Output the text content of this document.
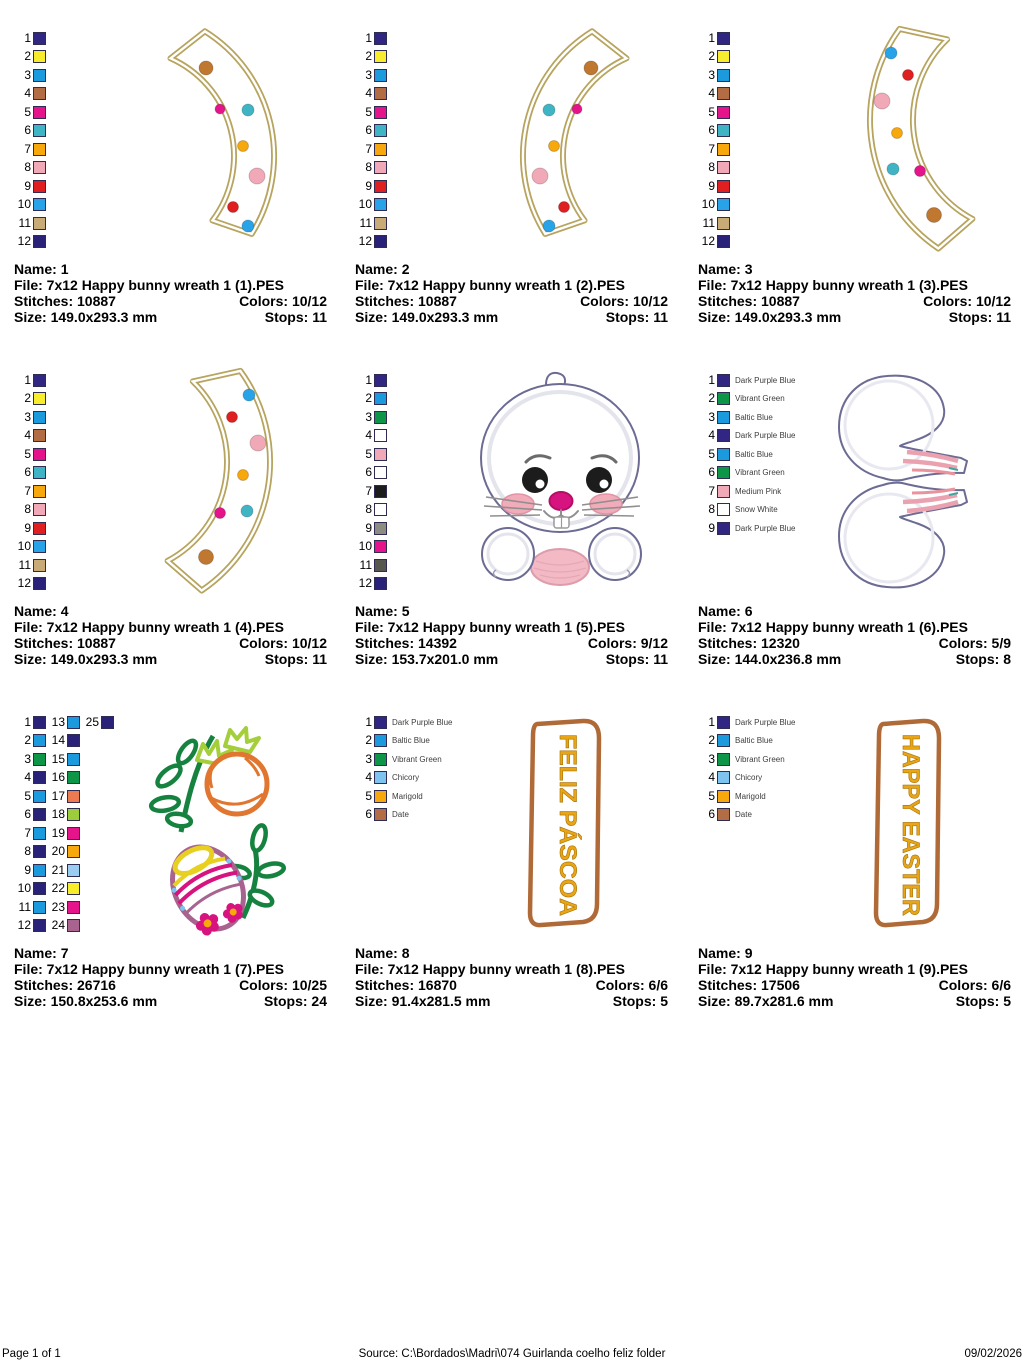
1
2
3
4
5
6
7
8
9
10
11
12
Name: 1
File: 7x12 Happy bunny wreath 1 (1).PES
Stitches: 10887	Colors: 10/12
Size: 149.0x293.3 mm	Stops: 11
1
2
3
4
5
6
7
8
9
10
11
12
Name: 2
File: 7x12 Happy bunny wreath 1 (2).PES
Stitches: 10887	Colors: 10/12
Size: 149.0x293.3 mm	Stops: 11
1
2
3
4
5
6
7
8
9
10
11
12
Name: 3
File: 7x12 Happy bunny wreath 1 (3).PES
Stitches: 10887	Colors: 10/12
Size: 149.0x293.3 mm	Stops: 11
1
2
3
4
5
6
7
8
9
10
11
12
Name: 4
File: 7x12 Happy bunny wreath 1 (4).PES
Stitches: 10887	Colors: 10/12
Size: 149.0x293.3 mm	Stops: 11
1
2
3
4
5
6
7
8
9
10
11
12
Name: 5
File: 7x12 Happy bunny wreath 1 (5).PES
Stitches: 14392	Colors: 9/12
Size: 153.7x201.0 mm	Stops: 11
1	Dark Purple Blue
2	Vibrant Green
3	Baltic Blue
4	Dark Purple Blue
5	Baltic Blue
6	Vibrant Green
7	Medium Pink
8	Snow White
9	Dark Purple Blue
Name: 6
File: 7x12 Happy bunny wreath 1 (6).PES
Stitches: 12320	Colors: 5/9
Size: 144.0x236.8 mm	Stops: 8
1
2
3
4
5
6
7
8
9
10
11
12
13
14
15
16
17
18
19
20
21
22
23
24
25
Name: 7
File: 7x12 Happy bunny wreath 1 (7).PES
Stitches: 26716	Colors: 10/25
Size: 150.8x253.6 mm	Stops: 24
1	Dark Purple Blue
2	Baltic Blue
3	Vibrant Green
4	Chicory
5	Marigold
6	Date	FELIZ PÁSCOA
Name: 8
File: 7x12 Happy bunny wreath 1 (8).PES
Stitches: 16870	Colors: 6/6
Size: 91.4x281.5 mm	Stops: 5
1	Dark Purple Blue
2	Baltic Blue
3	Vibrant Green
4	Chicory
5	Marigold
6	Date	HAPPY EASTER
Name: 9
File: 7x12 Happy bunny wreath 1 (9).PES
Stitches: 17506	Colors: 6/6
Size: 89.7x281.6 mm	Stops: 5
Page 1 of 1	Source: C:\Bordados\Madri\074 Guirlanda coelho feliz folder	09/02/2026
